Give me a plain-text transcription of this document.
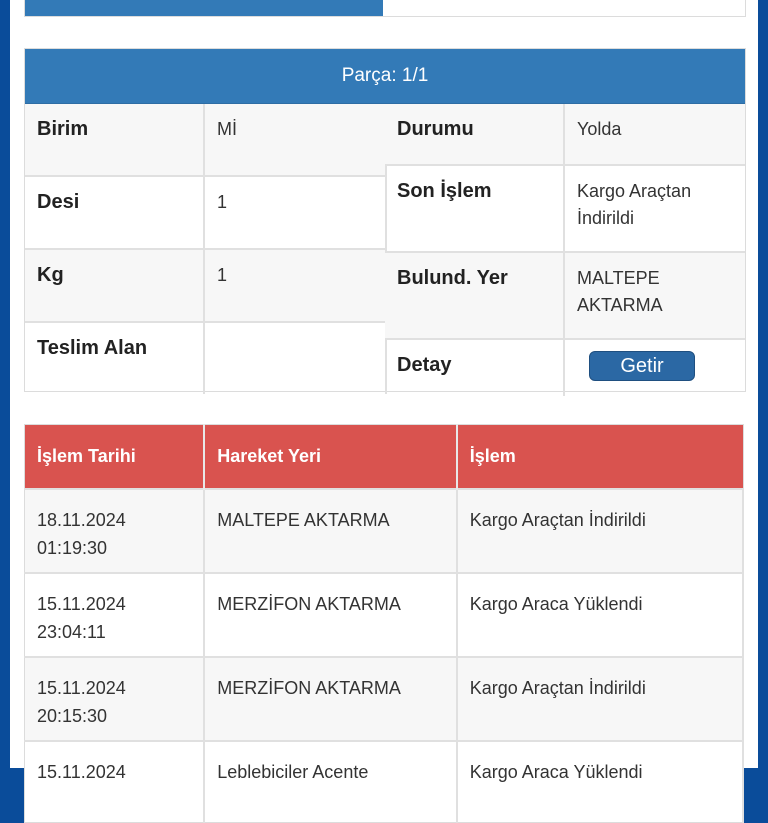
Parça: 1/1
Birim	Mİ
Desi	1
Kg	1
Teslim Alan
Durumu	Yolda
Son İşlem	Kargo Araçtan İndirildi
Bulund. Yer	MALTEPE AKTARMA
Detay	Getir
İşlem Tarihi	Hareket Yeri	İşlem

18.11.2024
01:19:30	MALTEPE AKTARMA	Kargo Araçtan İndirildi

15.11.2024
23:04:11	MERZİFON AKTARMA	Kargo Araca Yüklendi

15.11.2024
20:15:30	MERZİFON AKTARMA	Kargo Araçtan İndirildi

15.11.2024	Leblebiciler Acente	Kargo Araca Yüklendi
